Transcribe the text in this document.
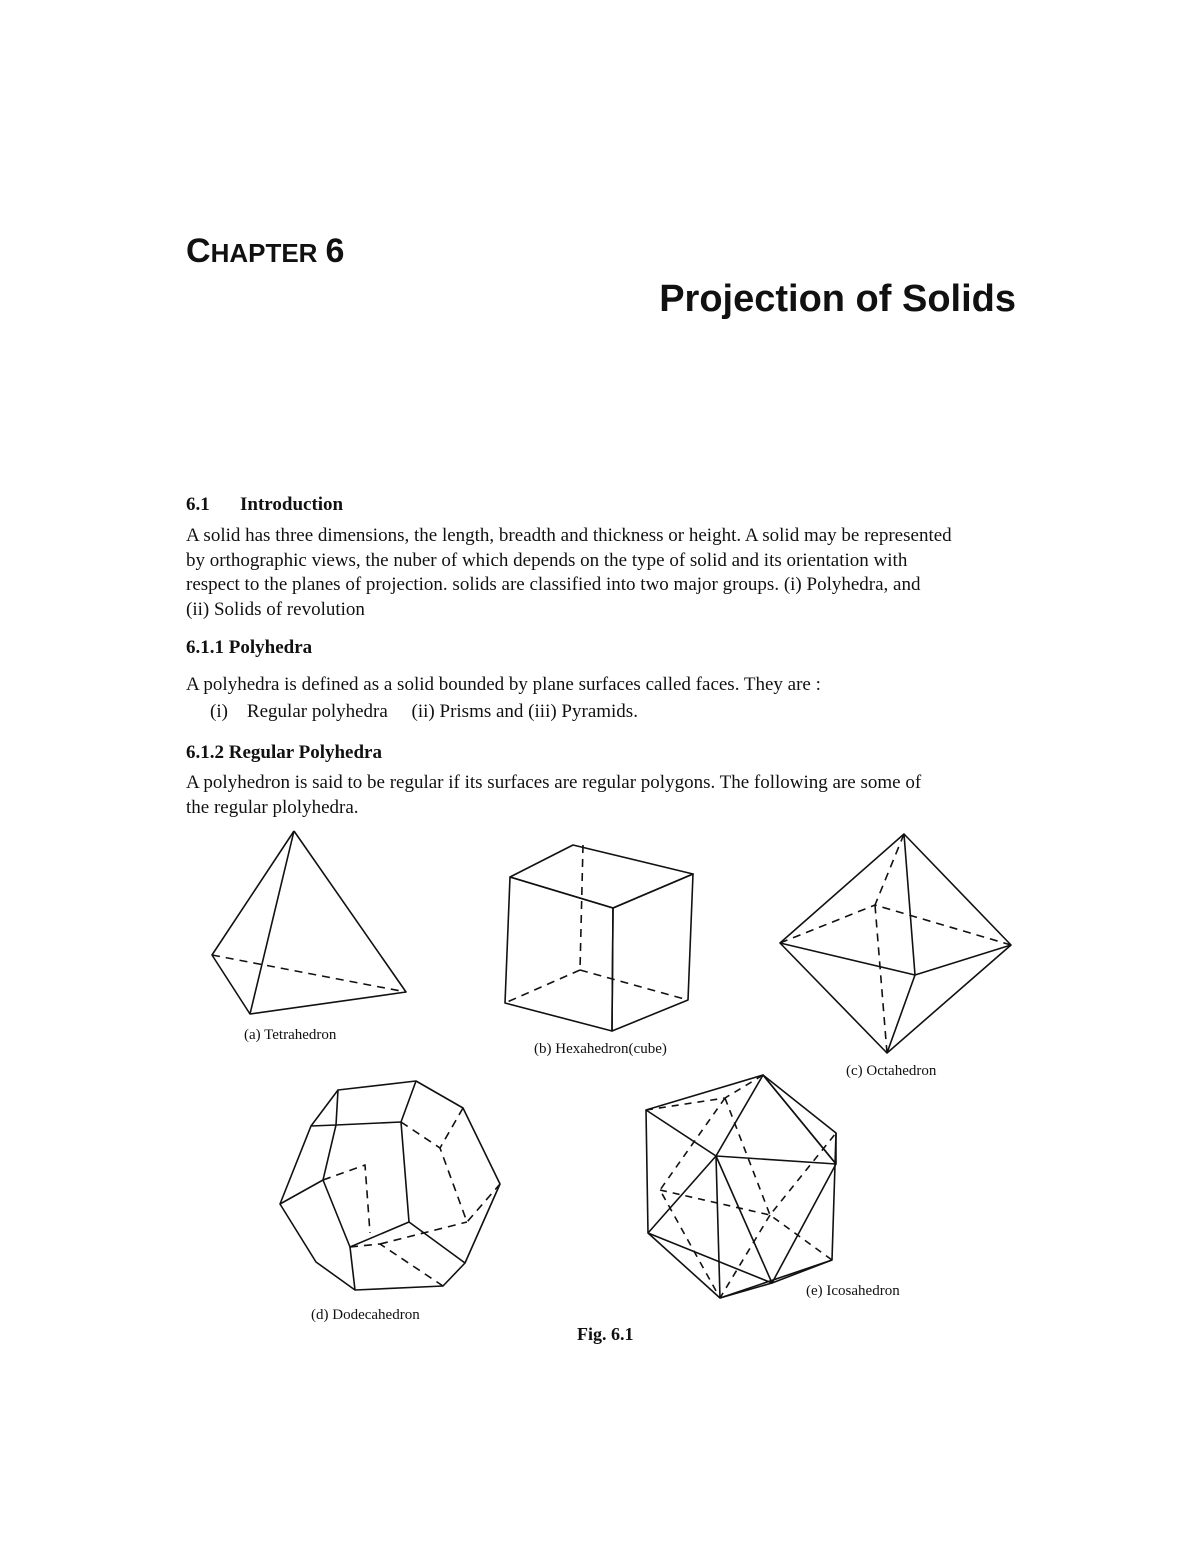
CHAPTER 6
Projection of Solids
6.1 Introduction
A solid has three dimensions, the length, breadth and thickness or height. A solid may be represented
by orthographic views, the nuber of which depends on the type of solid and its orientation with
respect to the planes of projection. solids are classified into two major groups. (i) Polyhedra, and
(ii) Solids of revolution
6.1.1 Polyhedra
A polyhedra is defined as a solid bounded by plane surfaces called faces. They are :
(i)    Regular polyhedra     (ii) Prisms and (iii) Pyramids.
6.1.2 Regular Polyhedra
A polyhedron is said to be regular if its surfaces are regular polygons. The following are some of
the regular plolyhedra.
(a) Tetrahedron
(b) Hexahedron(cube)
(c) Octahedron
(d) Dodecahedron
(e) Icosahedron
Fig. 6.1
